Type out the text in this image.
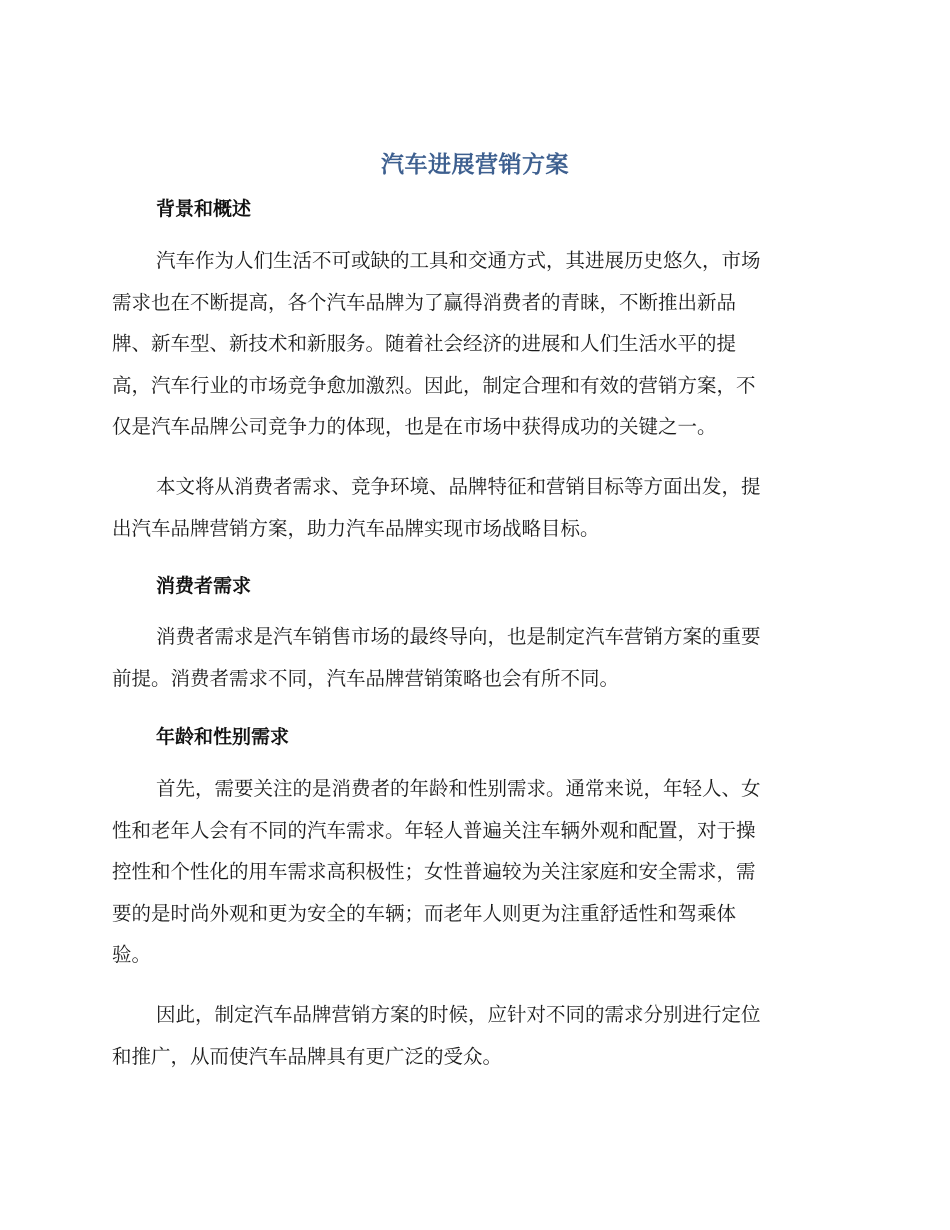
汽车进展营销方案
背景和概述
汽车作为人们生活不可或缺的工具和交通方式，其进展历史悠久，市场
需求也在不断提高，各个汽车品牌为了赢得消费者的青睐，不断推出新品
牌、新车型、新技术和新服务。随着社会经济的进展和人们生活水平的提
高，汽车行业的市场竞争愈加激烈。因此，制定合理和有效的营销方案，不
仅是汽车品牌公司竞争力的体现，也是在市场中获得成功的关键之一。
本文将从消费者需求、竞争环境、品牌特征和营销目标等方面出发，提
出汽车品牌营销方案，助力汽车品牌实现市场战略目标。
消费者需求
消费者需求是汽车销售市场的最终导向，也是制定汽车营销方案的重要
前提。消费者需求不同，汽车品牌营销策略也会有所不同。
年龄和性别需求
首先，需要关注的是消费者的年龄和性别需求。通常来说，年轻人、女
性和老年人会有不同的汽车需求。年轻人普遍关注车辆外观和配置，对于操
控性和个性化的用车需求高积极性；女性普遍较为关注家庭和安全需求，需
要的是时尚外观和更为安全的车辆；而老年人则更为注重舒适性和驾乘体
验。
因此，制定汽车品牌营销方案的时候，应针对不同的需求分别进行定位
和推广，从而使汽车品牌具有更广泛的受众。
